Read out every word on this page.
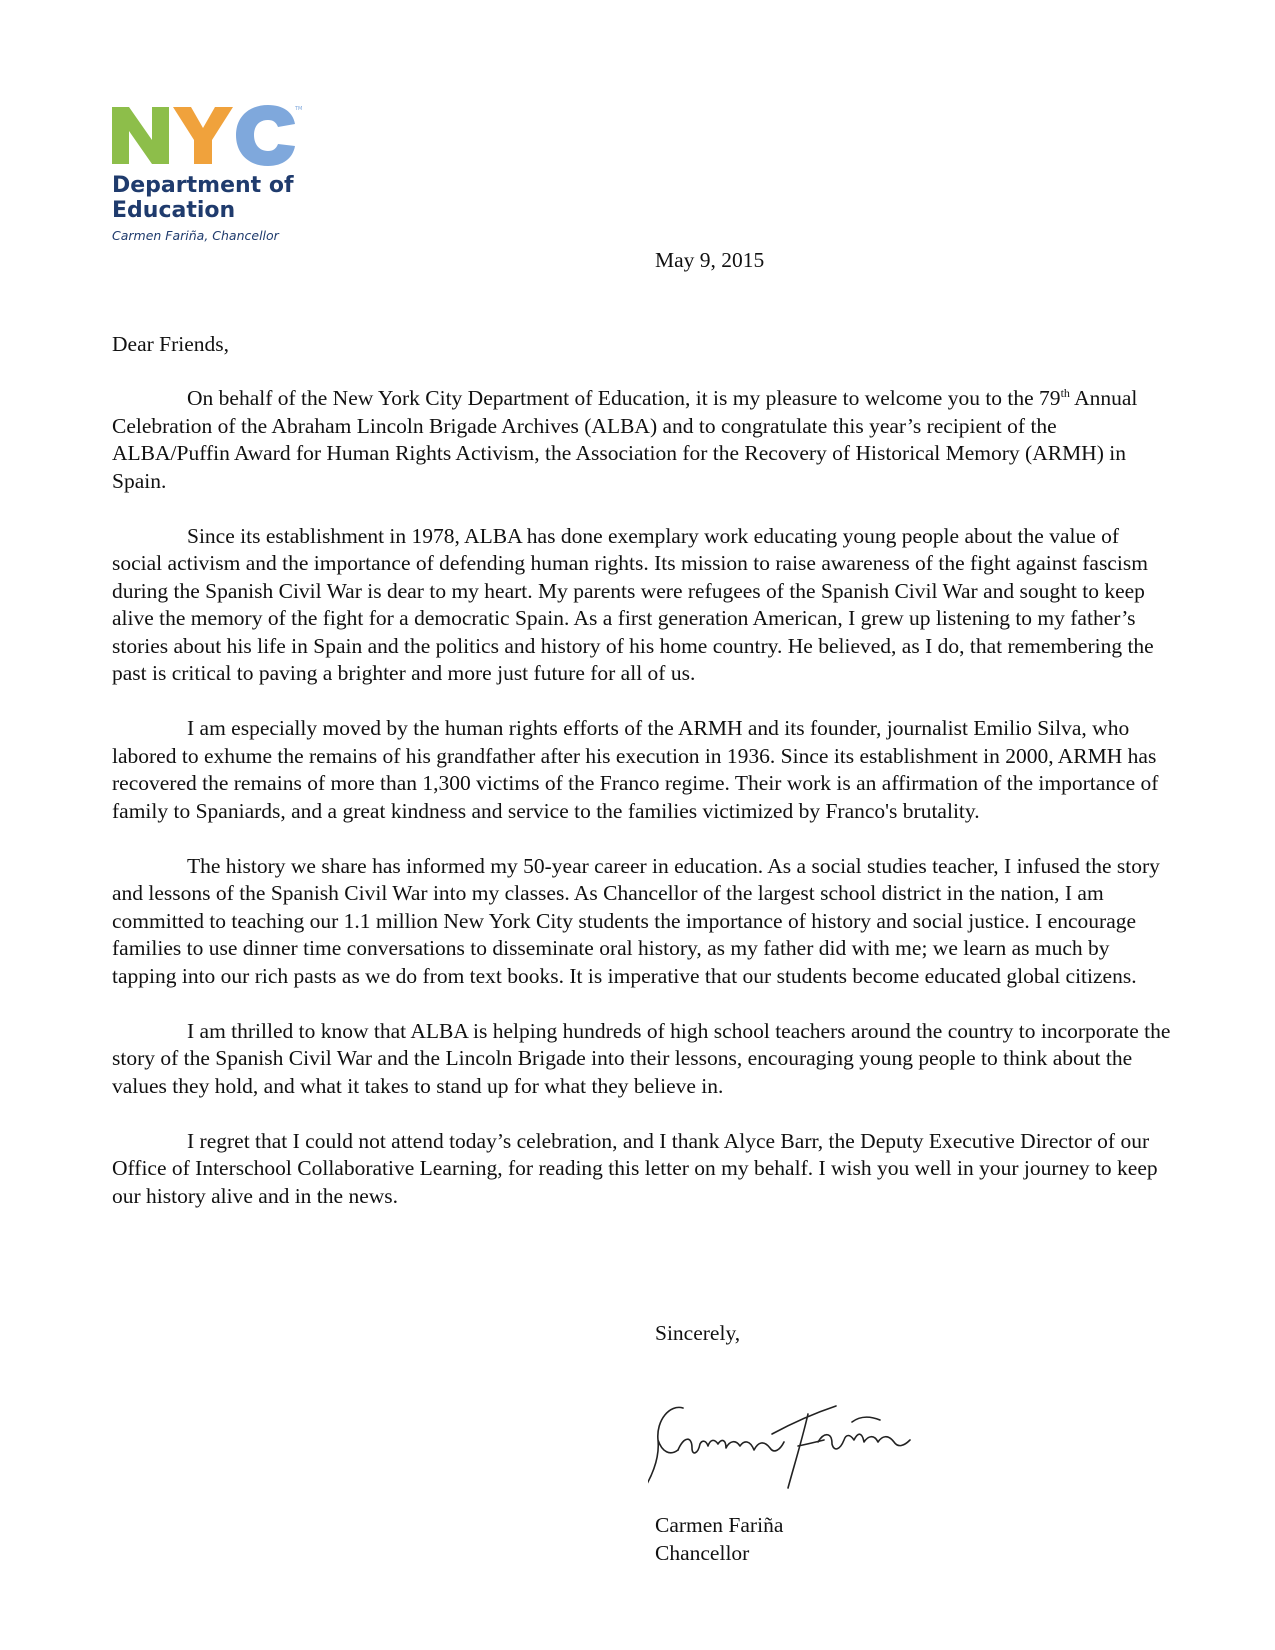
TM
Department of
Education
Carmen Fariña, Chancellor
May 9, 2015
Dear Friends,

On behalf of the New York City Department of Education, it is my pleasure to welcome you to the 79th Annual Celebration of the Abraham Lincoln Brigade Archives (ALBA) and to congratulate this year’s recipient of the ALBA/Puffin Award for Human Rights Activism, the Association for the Recovery of Historical Memory (ARMH) in Spain.

Since its establishment in 1978, ALBA has done exemplary work educating young people about the value of social activism and the importance of defending human rights. Its mission to raise awareness of the fight against fascism during the Spanish Civil War is dear to my heart. My parents were refugees of the Spanish Civil War and sought to keep alive the memory of the fight for a democratic Spain. As a first generation American, I grew up listening to my father’s stories about his life in Spain and the politics and history of his home country. He believed, as I do, that remembering the past is critical to paving a brighter and more just future for all of us.

I am especially moved by the human rights efforts of the ARMH and its founder, journalist Emilio Silva, who labored to exhume the remains of his grandfather after his execution in 1936. Since its establishment in 2000, ARMH has recovered the remains of more than 1,300 victims of the Franco regime. Their work is an affirmation of the importance of family to Spaniards, and a great kindness and service to the families victimized by Franco's brutality.

The history we share has informed my 50-year career in education. As a social studies teacher, I infused the story and lessons of the Spanish Civil War into my classes. As Chancellor of the largest school district in the nation, I am committed to teaching our 1.1 million New York City students the importance of history and social justice. I encourage families to use dinner time conversations to disseminate oral history, as my father did with me; we learn as much by tapping into our rich pasts as we do from text books. It is imperative that our students become educated global citizens.

I am thrilled to know that ALBA is helping hundreds of high school teachers around the country to incorporate the story of the Spanish Civil War and the Lincoln Brigade into their lessons, encouraging young people to think about the values they hold, and what it takes to stand up for what they believe in.

I regret that I could not attend today’s celebration, and I thank Alyce Barr, the Deputy Executive Director of our Office of Interschool Collaborative Learning, for reading this letter on my behalf. I wish you well in your journey to keep our history alive and in the news.

Sincerely,
Carmen Fariña
Chancellor
